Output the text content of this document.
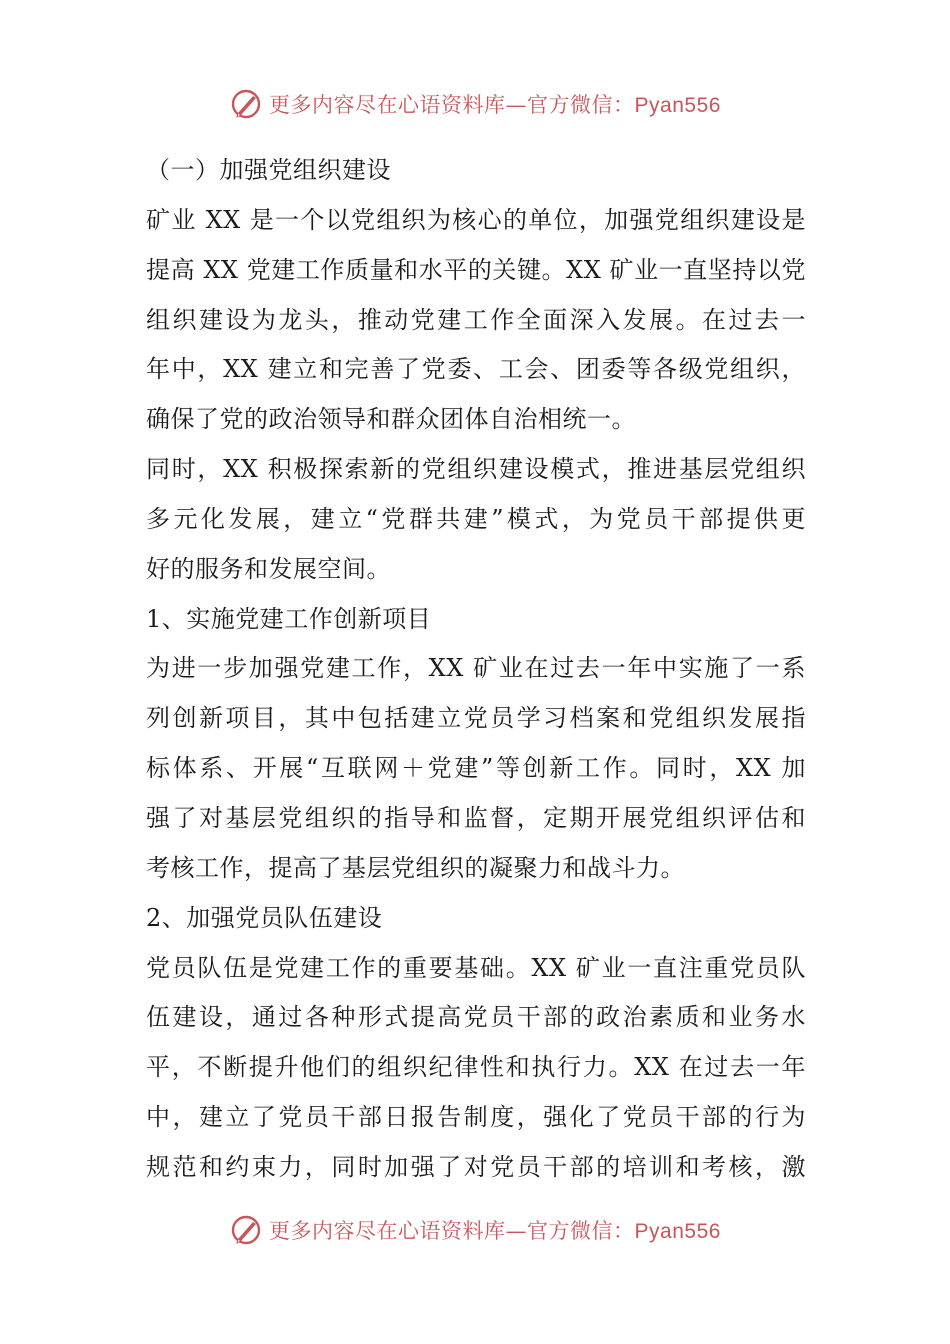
更多内容尽在心语资料库—官方微信：Pyan556
（一）加强党组织建设
矿业 XX 是一个以党组织为核心的单位，加强党组织建设是
提高 XX 党建工作质量和水平的关键。XX 矿业一直坚持以党
组织建设为龙头，推动党建工作全面深入发展。在过去一
年中，XX 建立和完善了党委、工会、团委等各级党组织，
确保了党的政治领导和群众团体自治相统一。
同时，XX 积极探索新的党组织建设模式，推进基层党组织
多元化发展，建立“党群共建”模式，为党员干部提供更
好的服务和发展空间。
1、实施党建工作创新项目
为进一步加强党建工作，XX 矿业在过去一年中实施了一系
列创新项目，其中包括建立党员学习档案和党组织发展指
标体系、开展“互联网＋党建”等创新工作。同时，XX 加
强了对基层党组织的指导和监督，定期开展党组织评估和
考核工作，提高了基层党组织的凝聚力和战斗力。
2、加强党员队伍建设
党员队伍是党建工作的重要基础。XX 矿业一直注重党员队
伍建设，通过各种形式提高党员干部的政治素质和业务水
平，不断提升他们的组织纪律性和执行力。XX 在过去一年
中，建立了党员干部日报告制度，强化了党员干部的行为
规范和约束力，同时加强了对党员干部的培训和考核，激
更多内容尽在心语资料库—官方微信：Pyan556
